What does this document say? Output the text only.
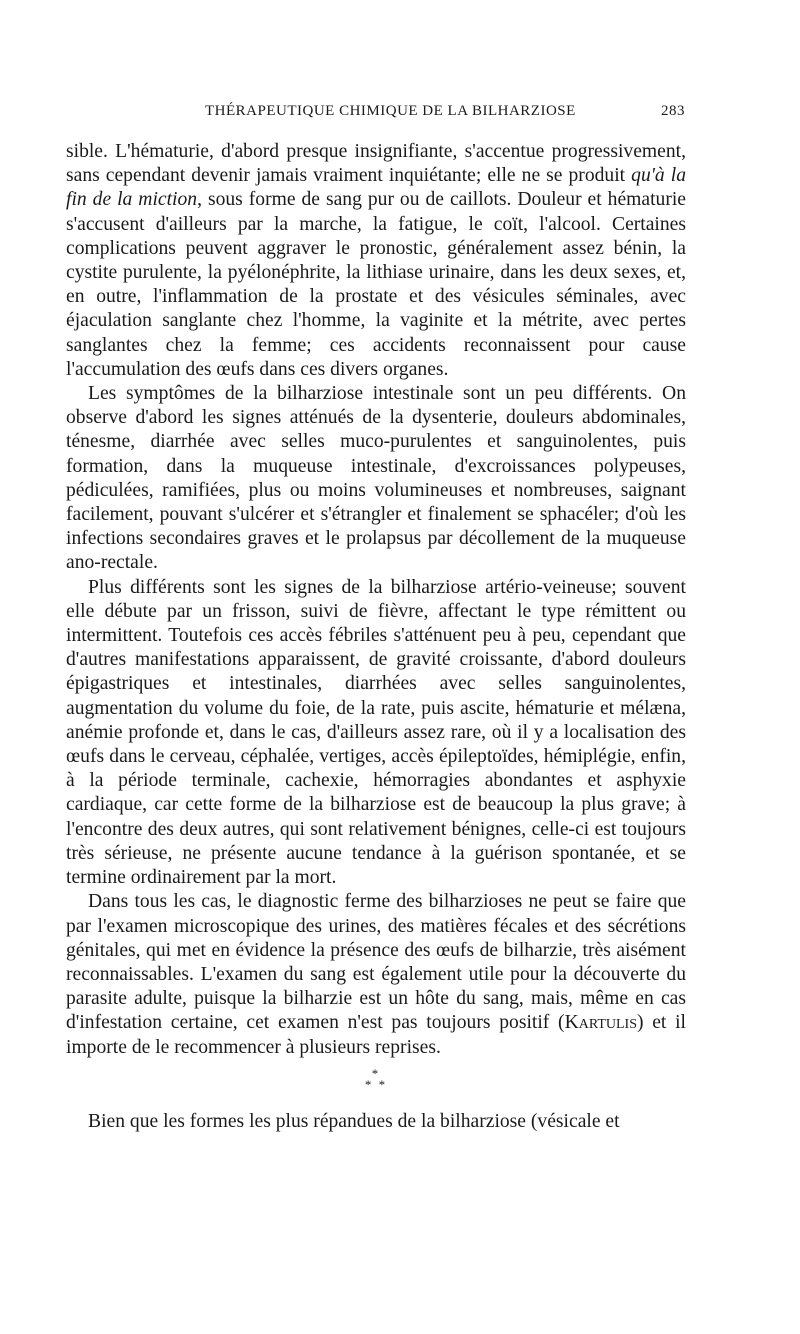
THÉRAPEUTIQUE CHIMIQUE DE LA BILHARZIOSE	283

sible. L'hématurie, d'abord presque insignifiante, s'accentue progressivement, sans cependant devenir jamais vraiment inquiétante; elle ne se produit qu'à la fin de la miction, sous forme de sang pur ou de caillots. Douleur et hématurie s'accusent d'ailleurs par la marche, la fatigue, le coït, l'alcool. Certaines complications peuvent aggraver le pronostic, généralement assez bénin, la cystite purulente, la pyélonéphrite, la lithiase urinaire, dans les deux sexes, et, en outre, l'inflammation de la prostate et des vésicules séminales, avec éjaculation sanglante chez l'homme, la vaginite et la métrite, avec pertes sanglantes chez la femme; ces accidents reconnaissent pour cause l'accumulation des œufs dans ces divers organes.

Les symptômes de la bilharziose intestinale sont un peu différents. On observe d'abord les signes atténués de la dysenterie, douleurs abdominales, ténesme, diarrhée avec selles muco-purulentes et sanguinolentes, puis formation, dans la muqueuse intestinale, d'excroissances polypeuses, pédiculées, ramifiées, plus ou moins volumineuses et nombreuses, saignant facilement, pouvant s'ulcérer et s'étrangler et finalement se sphacéler; d'où les infections secondaires graves et le prolapsus par décollement de la muqueuse ano-rectale.

Plus différents sont les signes de la bilharziose artério-veineuse; souvent elle débute par un frisson, suivi de fièvre, affectant le type rémittent ou intermittent. Toutefois ces accès fébriles s'atténuent peu à peu, cependant que d'autres manifestations apparaissent, de gravité croissante, d'abord douleurs épigastriques et intestinales, diarrhées avec selles sanguinolentes, augmentation du volume du foie, de la rate, puis ascite, hématurie et mélæna, anémie profonde et, dans le cas, d'ailleurs assez rare, où il y a localisation des œufs dans le cerveau, céphalée, vertiges, accès épileptoïdes, hémiplégie, enfin, à la période terminale, cachexie, hémorragies abondantes et asphyxie cardiaque, car cette forme de la bilharziose est de beaucoup la plus grave; à l'encontre des deux autres, qui sont relativement bénignes, celle-ci est toujours très sérieuse, ne présente aucune tendance à la guérison spontanée, et se termine ordinairement par la mort.

Dans tous les cas, le diagnostic ferme des bilharzioses ne peut se faire que par l'examen microscopique des urines, des matières fécales et des sécrétions génitales, qui met en évidence la présence des œufs de bilharzie, très aisément reconnaissables. L'examen du sang est également utile pour la découverte du parasite adulte, puisque la bilharzie est un hôte du sang, mais, même en cas d'infestation certaine, cet examen n'est pas toujours positif (Kartulis) et il importe de le recommencer à plusieurs reprises.

*
* *

Bien que les formes les plus répandues de la bilharziose (vésicale et
